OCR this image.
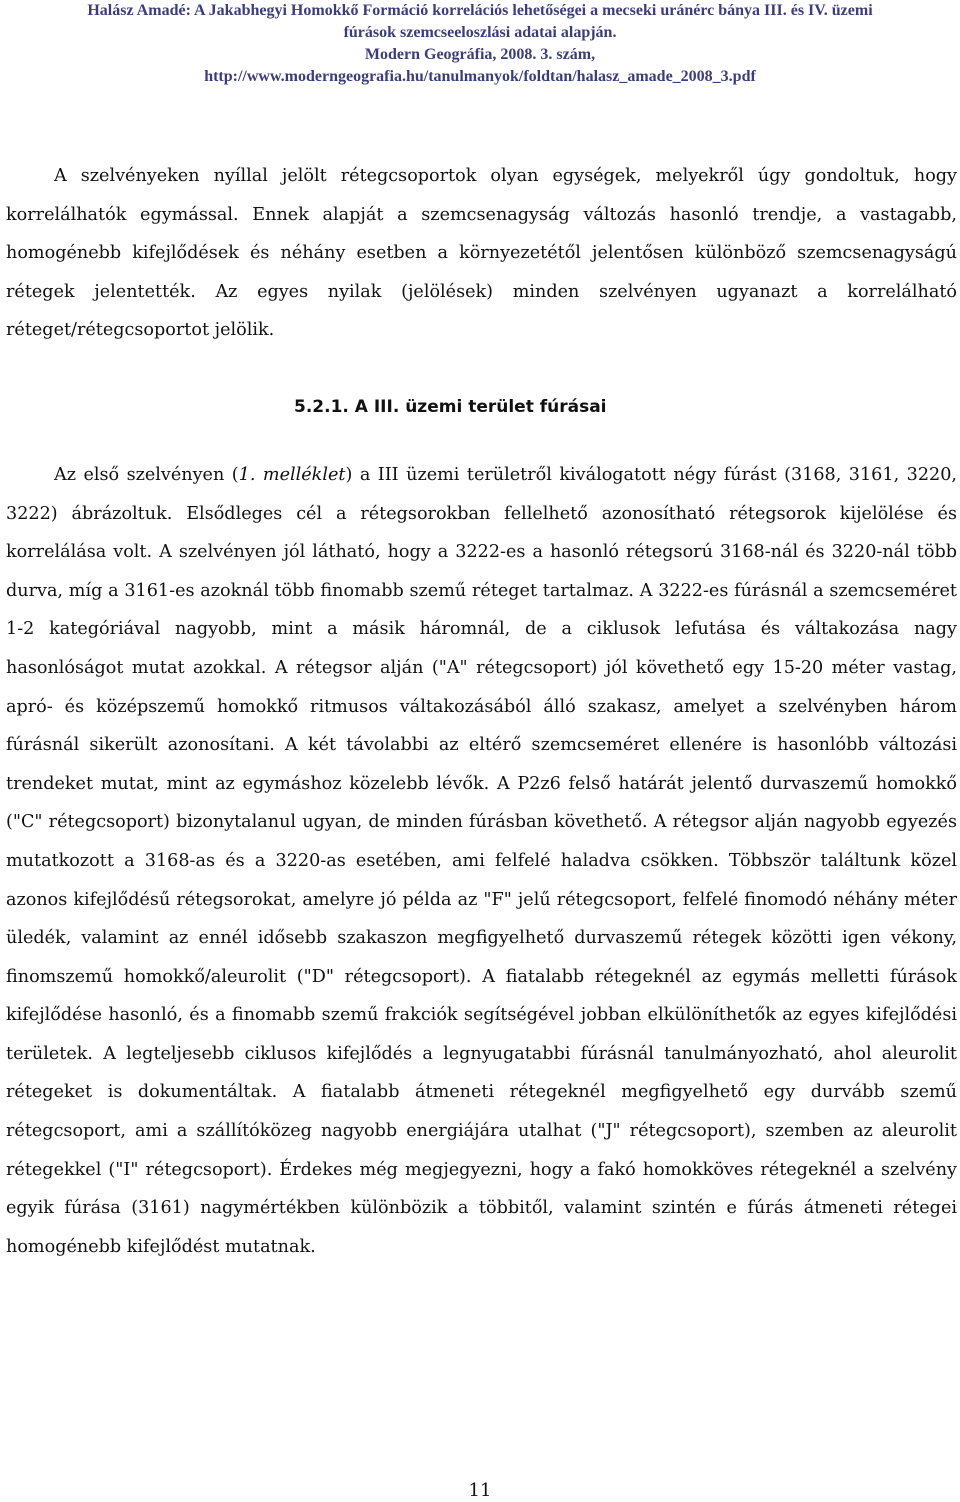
Halász Amadé: A Jakabhegyi Homokkő Formáció korrelációs lehetőségei a mecseki uránérc bánya III. és IV. üzemi
fúrások szemcseeloszlási adatai alapján.
Modern Geográfia, 2008. 3. szám,
http://www.moderngeografia.hu/tanulmanyok/foldtan/halasz_amade_2008_3.pdf

A szelvényeken nyíllal jelölt rétegcsoportok olyan egységek, melyekről úgy gondoltuk, hogy korrelálhatók egymással. Ennek alapját a szemcsenagyság változás hasonló trendje, a vastagabb, homogénebb kifejlődések és néhány esetben a környezetétől jelentősen különböző szemcsenagyságú rétegek jelentették. Az egyes nyilak (jelölések) minden szelvényen ugyanazt a korrelálható réteget/rétegcsoportot jelölik.

5.2.1. A III. üzemi terület fúrásai

Az első szelvényen (1. melléklet) a III üzemi területről kiválogatott négy fúrást (3168, 3161, 3220, 3222) ábrázoltuk. Elsődleges cél a rétegsorokban fellelhető azonosítható rétegsorok kijelölése és korrelálása volt. A szelvényen jól látható, hogy a 3222-es a hasonló rétegsorú 3168-nál és 3220-nál több durva, míg a 3161-es azoknál több finomabb szemű réteget tartalmaz. A 3222-es fúrásnál a szemcseméret 1-2 kategóriával nagyobb, mint a másik háromnál, de a ciklusok lefutása és váltakozása nagy hasonlóságot mutat azokkal. A rétegsor alján ("A" rétegcsoport) jól követhető egy 15-20 méter vastag, apró- és középszemű homokkő ritmusos váltakozásából álló szakasz, amelyet a szelvényben három fúrásnál sikerült azonosítani. A két távolabbi az eltérő szemcseméret ellenére is hasonlóbb változási trendeket mutat, mint az egymáshoz közelebb lévők. A P2z6 felső határát jelentő durvaszemű homokkő ("C" rétegcsoport) bizonytalanul ugyan, de minden fúrásban követhető. A rétegsor alján nagyobb egyezés mutatkozott a 3168-as és a 3220-as esetében, ami felfelé haladva csökken. Többször találtunk közel azonos kifejlődésű rétegsorokat, amelyre jó példa az "F" jelű rétegcsoport, felfelé finomodó néhány méter üledék, valamint az ennél idősebb szakaszon megfigyelhető durvaszemű rétegek közötti igen vékony, finomszemű homokkő/aleurolit ("D" rétegcsoport). A fiatalabb rétegeknél az egymás melletti fúrások kifejlődése hasonló, és a finomabb szemű frakciók segítségével jobban elkülöníthetők az egyes kifejlődési területek. A legteljesebb ciklusos kifejlődés a legnyugatabbi fúrásnál tanulmányozható, ahol aleurolit rétegeket is dokumentáltak. A fiatalabb átmeneti rétegeknél megfigyelhető egy durvább szemű rétegcsoport, ami a szállítóközeg nagyobb energiájára utalhat ("J" rétegcsoport), szemben az aleurolit rétegekkel ("I" rétegcsoport). Érdekes még megjegyezni, hogy a fakó homokköves rétegeknél a szelvény egyik fúrása (3161) nagymértékben különbözik a többitől, valamint szintén e fúrás átmeneti rétegei homogénebb kifejlődést mutatnak.

11
